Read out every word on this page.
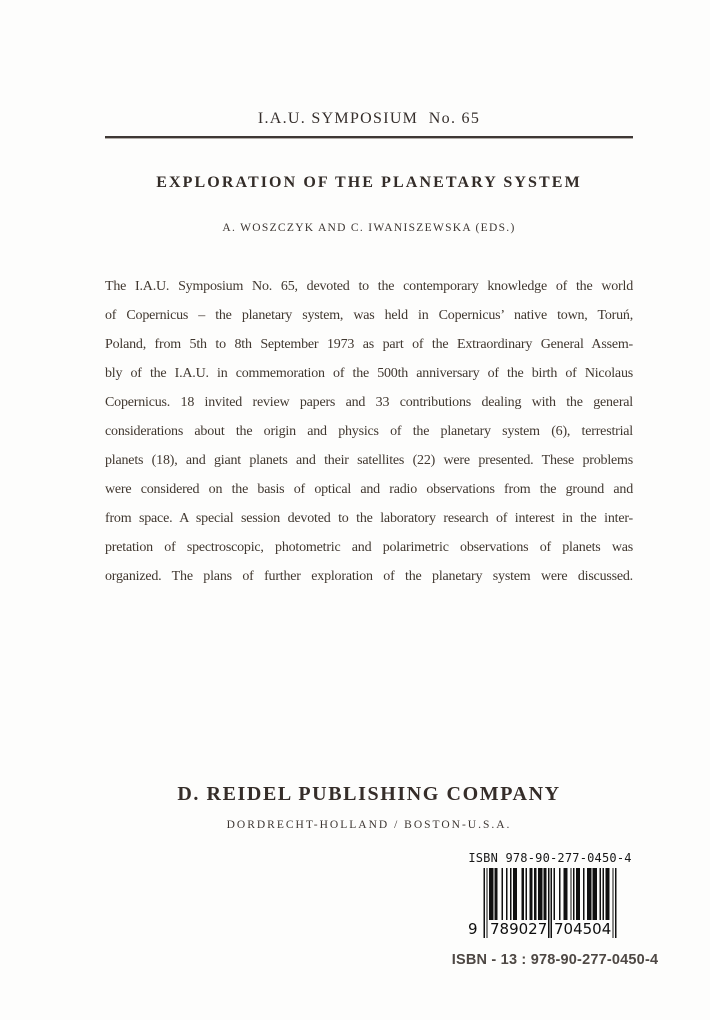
I.A.U. SYMPOSIUM  No. 65
EXPLORATION OF THE PLANETARY SYSTEM
A. WOSZCZYK AND C. IWANISZEWSKA (EDS.)
The I.A.U. Symposium No. 65, devoted to the contemporary knowledge of the world
of Copernicus – the planetary system, was held in Copernicus’ native town, Toruń,
Poland, from 5th to 8th September 1973 as part of the Extraordinary General Assem-
bly of the I.A.U. in commemoration of the 500th anniversary of the birth of Nicolaus
Copernicus. 18 invited review papers and 33 contributions dealing with the general
considerations about the origin and physics of the planetary system (6), terrestrial
planets (18), and giant planets and their satellites (22) were presented. These problems
were considered on the basis of optical and radio observations from the ground and
from space. A special session devoted to the laboratory research of interest in the inter-
pretation of spectroscopic, photometric and polarimetric observations of planets was
organized. The plans of further exploration of the planetary system were discussed.
D. REIDEL PUBLISHING COMPANY
DORDRECHT-HOLLAND / BOSTON-U.S.A.
ISBN 978-90-277-0450-4
9 789027 704504
ISBN - 13 : 978-90-277-0450-4
